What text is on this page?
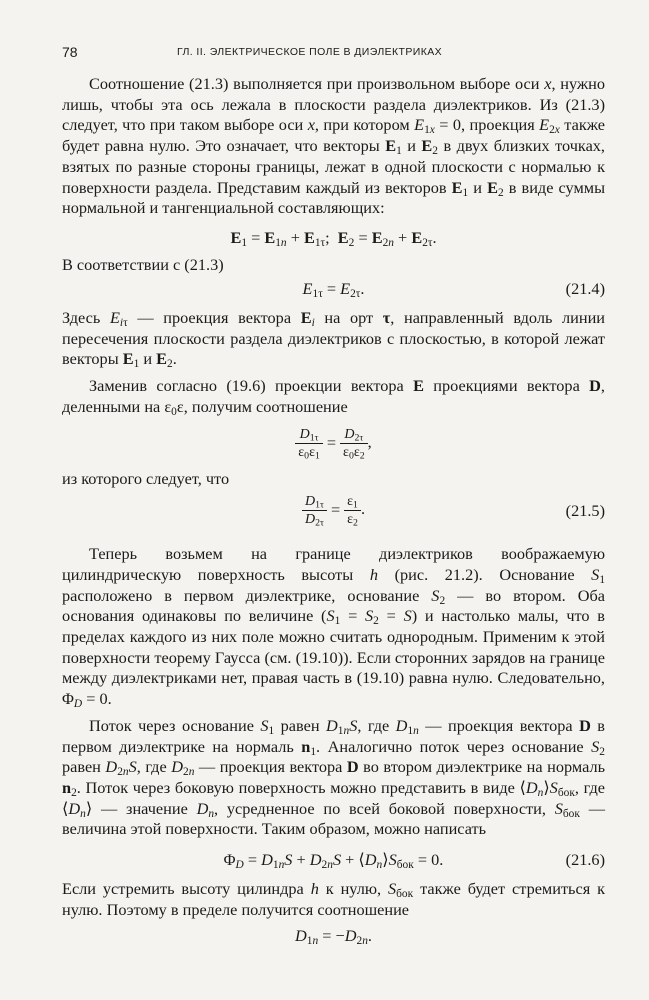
78	ГЛ. II. ЭЛЕКТРИЧЕСКОЕ ПОЛЕ В ДИЭЛЕКТРИКАХ

Соотношение (21.3) выполняется при произвольном выборе оси x, нужно лишь, чтобы эта ось лежала в плоскости раздела диэлектриков. Из (21.3) следует, что при таком выборе оси x, при котором $E_{1x} = 0$, проекция $E_{2x}$ также будет равна нулю. Это означает, что векторы $E_1$ и $E_2$ в двух близких точках, взятых по разные стороны границы, лежат в одной плоскости с нормалью к поверхности раздела. Представим каждый из векторов $E_1$ и $E_2$ в виде суммы нормальной и тангенциальной составляющих:

$E_1 = E_{1n} + E_{1\tau}$;  $E_2 = E_{2n} + E_{2\tau}$.

В соответствии с (21.3)

$E_{1\tau} = E_{2\tau}$.	(21.4)

Здесь $E_{i\tau}$ — проекция вектора $E_i$ на орт τ, направленный вдоль линии пересечения плоскости раздела диэлектриков с плоскостью, в которой лежат векторы $E_1$ и $E_2$.

Заменив согласно (19.6) проекции вектора E проекциями вектора D, деленными на $\varepsilon_0\varepsilon$, получим соотношение

$\frac{D_{1\tau}}{\varepsilon_0\varepsilon_1} = \frac{D_{2\tau}}{\varepsilon_0\varepsilon_2}$ ,

из которого следует, что

$\frac{D_{1\tau}}{D_{2\tau}} = \frac{\varepsilon_1}{\varepsilon_2}$ .	(21.5)

Теперь возьмем на границе диэлектриков воображаемую цилиндрическую поверхность высоты h (рис. 21.2). Основание $S_1$ расположено в первом диэлектрике, основание $S_2$ — во втором. Оба основания одинаковы по величине $(S_1 = S_2 = S)$ и настолько малы, что в пределах каждого из них поле можно считать однородным. Применим к этой поверхности теорему Гаусса (см. (19.10)). Если сторонних зарядов на границе между диэлектриками нет, правая часть в (19.10) равна нулю. Следовательно, $\Phi_D = 0$.

Поток через основание $S_1$ равен $D_{1n}S$, где $D_{1n}$ — проекция вектора D в первом диэлектрике на нормаль $n_1$. Аналогично поток через основание $S_2$ равен $D_{2n}S$, где $D_{2n}$ — проекция вектора D во втором диэлектрике на нормаль $n_2$. Поток через боковую поверхность можно представить в виде $⟨D_n⟩S_{бок}$, где $⟨D_n⟩$ — значение $D_n$, усредненное по всей боковой поверхности, $S_{бок}$ — величина этой поверхности. Таким образом, можно написать

$\Phi_D = D_{1n}S + D_{2n}S$ + $⟨D_n⟩S_{бок} = 0$.	(21.6)

Если устремить высоту цилиндра h к нулю, $S_{бок}$ также будет стремиться к нулю. Поэтому в пределе получится соотношение

$D_{1n} = -D_{2n}$.
